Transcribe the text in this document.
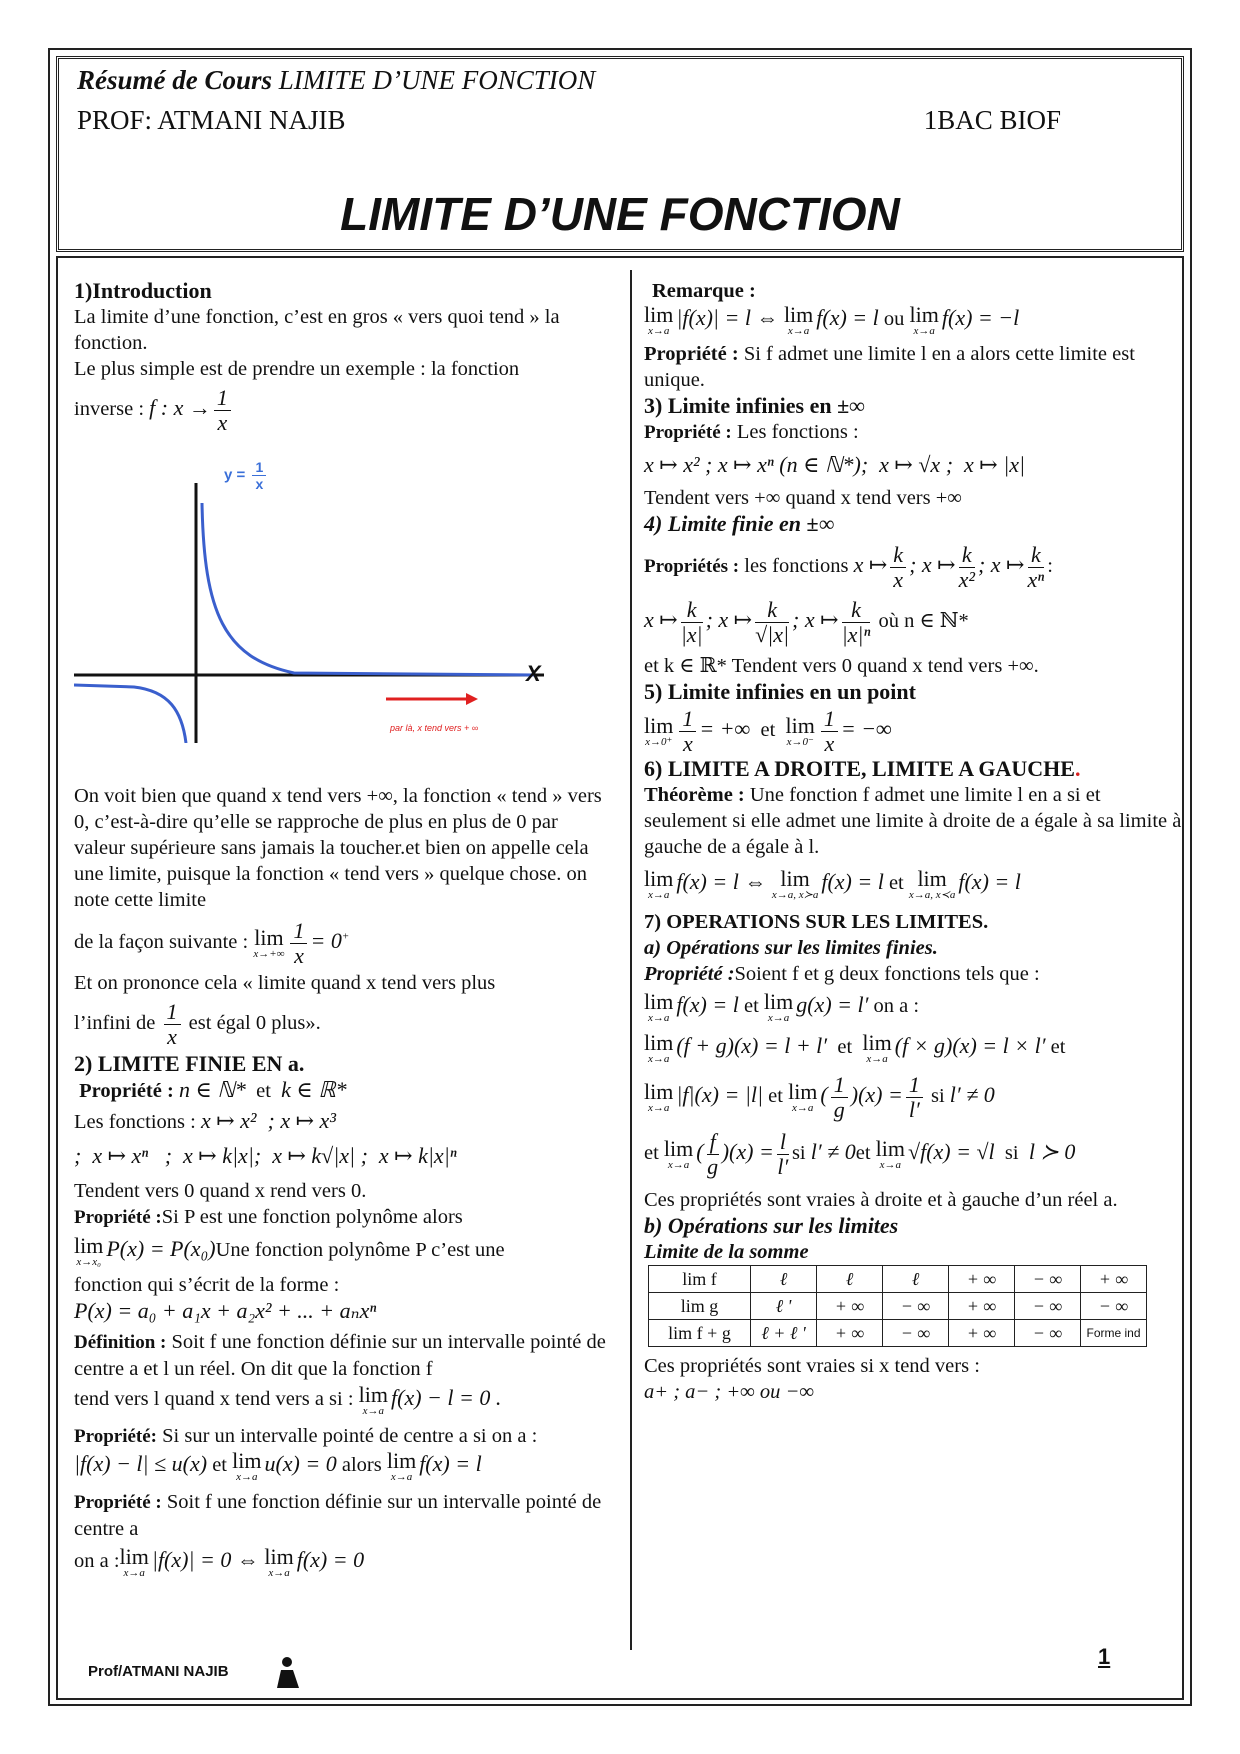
Résumé de Cours LIMITE D’UNE FONCTION
PROF: ATMANI NAJIB	1BAC BIOF
LIMITE D’UNE FONCTION

1)Introduction

La limite d’une fonction, c’est en gros « vers quoi tend » la fonction.

Le plus simple est de prendre un exemple : la fonction

inverse : f : $x \to \frac{1}{x}$

$y = \frac{1}{x}$
X
par là, x tend vers + ∞

On voit bien que quand x tend vers +∞, la fonction « tend » vers 0, c’est-à-dire qu’elle se rapproche de plus en plus de 0 par valeur supérieure sans jamais la toucher.et bien on appelle cela une limite, puisque la fonction « tend vers » quelque chose. on note cette limite

de la façon suivante : lim
$x\to+\infty \frac{1}{x} = 0^+$

Et on prononce cela « limite quand x tend vers plus

l’infini de $\frac{1}{x}$ est égal 0 plus».

2) LIMITE FINIE EN a.

Propriété : n ∈ ℕ*  et  k ∈ ℝ*

Les fonctions : x ↦ x²  ; x ↦ x³

;  x ↦ xⁿ   ;  x ↦ k|x|;  x ↦ k√|x| ;  x ↦ k|x|ⁿ

Tendent vers 0 quand x rend vers 0.

Propriété :Si P est une fonction polynôme alors

lim
x→x₀
P(x) = P(x₀)Une fonction polynôme P c’est une

fonction qui s’écrit de la forme :

P(x) = a₀ + a₁x + a₂x² + ... + aₙxⁿ

Définition : Soit f une fonction définie sur un intervalle pointé de centre a et l un réel. On dit que la fonction f

tend vers l quand x tend vers a si : lim
x→a
f(x) − l = 0 .

Propriété: Si sur un intervalle pointé de centre a si on a :

|f(x) − l| ≤ u(x) et lim
x→a
u(x) = 0 alors lim
x→a
f(x) = l

Propriété : Soit f une fonction définie sur un intervalle pointé de centre a

on a : lim
x→a
|f(x)| = 0 ⇔ lim
x→a
f(x) = 0

Remarque :

lim
x→a
|f(x)| = l ⇔ lim
x→a
f(x) = l ou lim
x→a
f(x) = −l

Propriété : Si f admet une limite l en a alors cette limite est unique.

3) Limite infinies en ±∞

Propriété : Les fonctions :

x ↦ x² ; x ↦ xⁿ (n ∈ ℕ*);  x ↦ √x ;  x ↦ |x|

Tendent vers +∞ quand x tend vers +∞

4) Limite finie en ±∞

Propriétés : les fonctions x ↦ $\frac{k}{x}$ ; x ↦ $\frac{k}{\text{x²}}$ ; x ↦ $\frac{k}{\text{xⁿ}}$ :

x ↦ $\frac{k}{|x|}$ ; x ↦ $\frac{k}{√|x|}$ ; x ↦ $\frac{k}{\text{|x|ⁿ}}$ où n ∈ ℕ*

et k ∈ ℝ* Tendent vers 0 quand x tend vers +∞.

5) Limite infinies en un point

lim
$x\to 0^+ \frac{1}{x}$ = +∞ et lim
$x\to 0^- \frac{1}{x}$ = −∞

6) LIMITE A DROITE, LIMITE A GAUCHE.

Théorème : Une fonction f admet une limite l en a si et seulement si elle admet une limite à droite de a égale à sa limite à gauche de a égale à l.

lim
x→a
f(x) = l ⇔ lim
x→a, x≻a
f(x) = l et lim
x→a, x≺a
f(x) = l

7) OPERATIONS SUR LES LIMITES.

a) Opérations sur les limites finies.

Propriété :Soient f et g deux fonctions tels que :

lim
x→a
f(x) = l et lim
x→a
g(x) = l′ on a :

lim
x→a
(f + g)(x) = l + l′ et lim
x→a
(f × g)(x) = l × l′ et

lim
x→a
|f|(x) = |l| et lim
x→a
( $\frac{1}{g} )(x) = \frac{1}{l'}$ si l′ ≠ 0

et lim
x→a
( $\frac{f}{g} )(x) = \frac{l}{l'}$ si l′ ≠ 0et lim
x→a
√f(x) = √l si l ≻ 0

Ces propriétés sont vraies à droite et à gauche d’un réel a.

b) Opérations sur les limites

Limite de la somme

lim f	ℓ	ℓ	ℓ	+ ∞	− ∞	+ ∞
lim g	ℓ '	+ ∞	− ∞	+ ∞	− ∞	− ∞
lim f + g	ℓ + ℓ '	+ ∞	− ∞	+ ∞	− ∞	Forme ind

Ces propriétés sont vraies si x tend vers :

a+ ; a− ; +∞ ou −∞

Prof/ATMANI NAJIB
1
